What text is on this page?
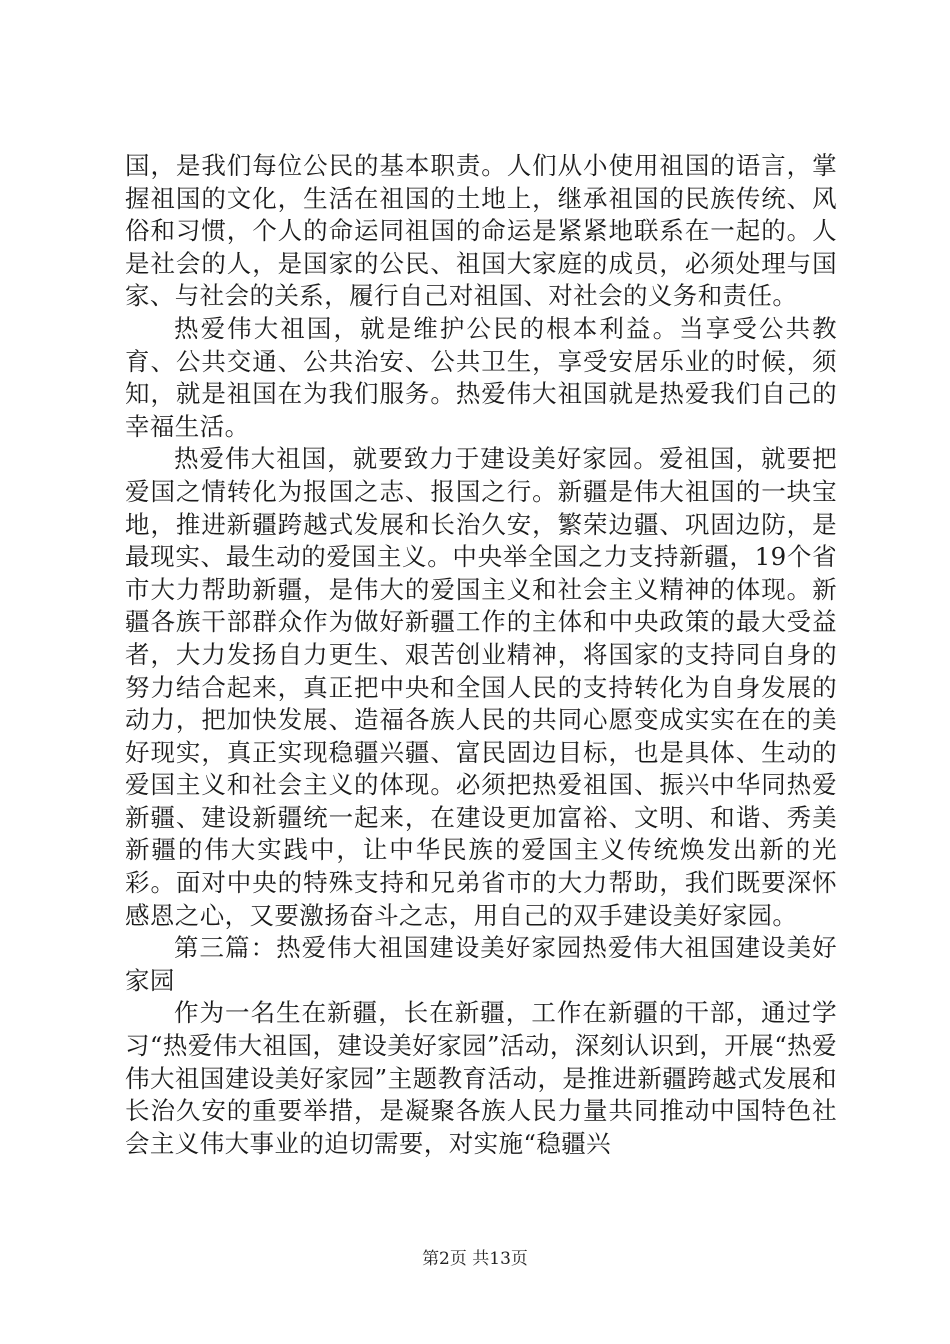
国，是我们每位公民的基本职责。人们从小使用祖国的语言，掌握祖国的文化，生活在祖国的土地上，继承祖国的民族传统、风俗和习惯，个人的命运同祖国的命运是紧紧地联系在一起的。人是社会的人，是国家的公民、祖国大家庭的成员，必须处理与国家、与社会的关系，履行自己对祖国、对社会的义务和责任。

热爱伟大祖国，就是维护公民的根本利益。当享受公共教育、公共交通、公共治安、公共卫生，享受安居乐业的时候，须知，就是祖国在为我们服务。热爱伟大祖国就是热爱我们自己的幸福生活。

热爱伟大祖国，就要致力于建设美好家园。爱祖国，就要把爱国之情转化为报国之志、报国之行。新疆是伟大祖国的一块宝地，推进新疆跨越式发展和长治久安，繁荣边疆、巩固边防，是最现实、最生动的爱国主义。中央举全国之力支持新疆，19个省市大力帮助新疆，是伟大的爱国主义和社会主义精神的体现。新疆各族干部群众作为做好新疆工作的主体和中央政策的最大受益者，大力发扬自力更生、艰苦创业精神，将国家的支持同自身的努力结合起来，真正把中央和全国人民的支持转化为自身发展的动力，把加快发展、造福各族人民的共同心愿变成实实在在的美好现实，真正实现稳疆兴疆、富民固边目标，也是具体、生动的爱国主义和社会主义的体现。必须把热爱祖国、振兴中华同热爱新疆、建设新疆统一起来，在建设更加富裕、文明、和谐、秀美新疆的伟大实践中，让中华民族的爱国主义传统焕发出新的光彩。面对中央的特殊支持和兄弟省市的大力帮助，我们既要深怀感恩之心，又要激扬奋斗之志，用自己的双手建设美好家园。

第三篇：热爱伟大祖国建设美好家园热爱伟大祖国建设美好家园

作为一名生在新疆，长在新疆，工作在新疆的干部，通过学习“热爱伟大祖国，建设美好家园”活动，深刻认识到，开展“热爱伟大祖国建设美好家园”主题教育活动，是推进新疆跨越式发展和长治久安的重要举措，是凝聚各族人民力量共同推动中国特色社会主义伟大事业的迫切需要，对实施“稳疆兴

第2页 共13页
